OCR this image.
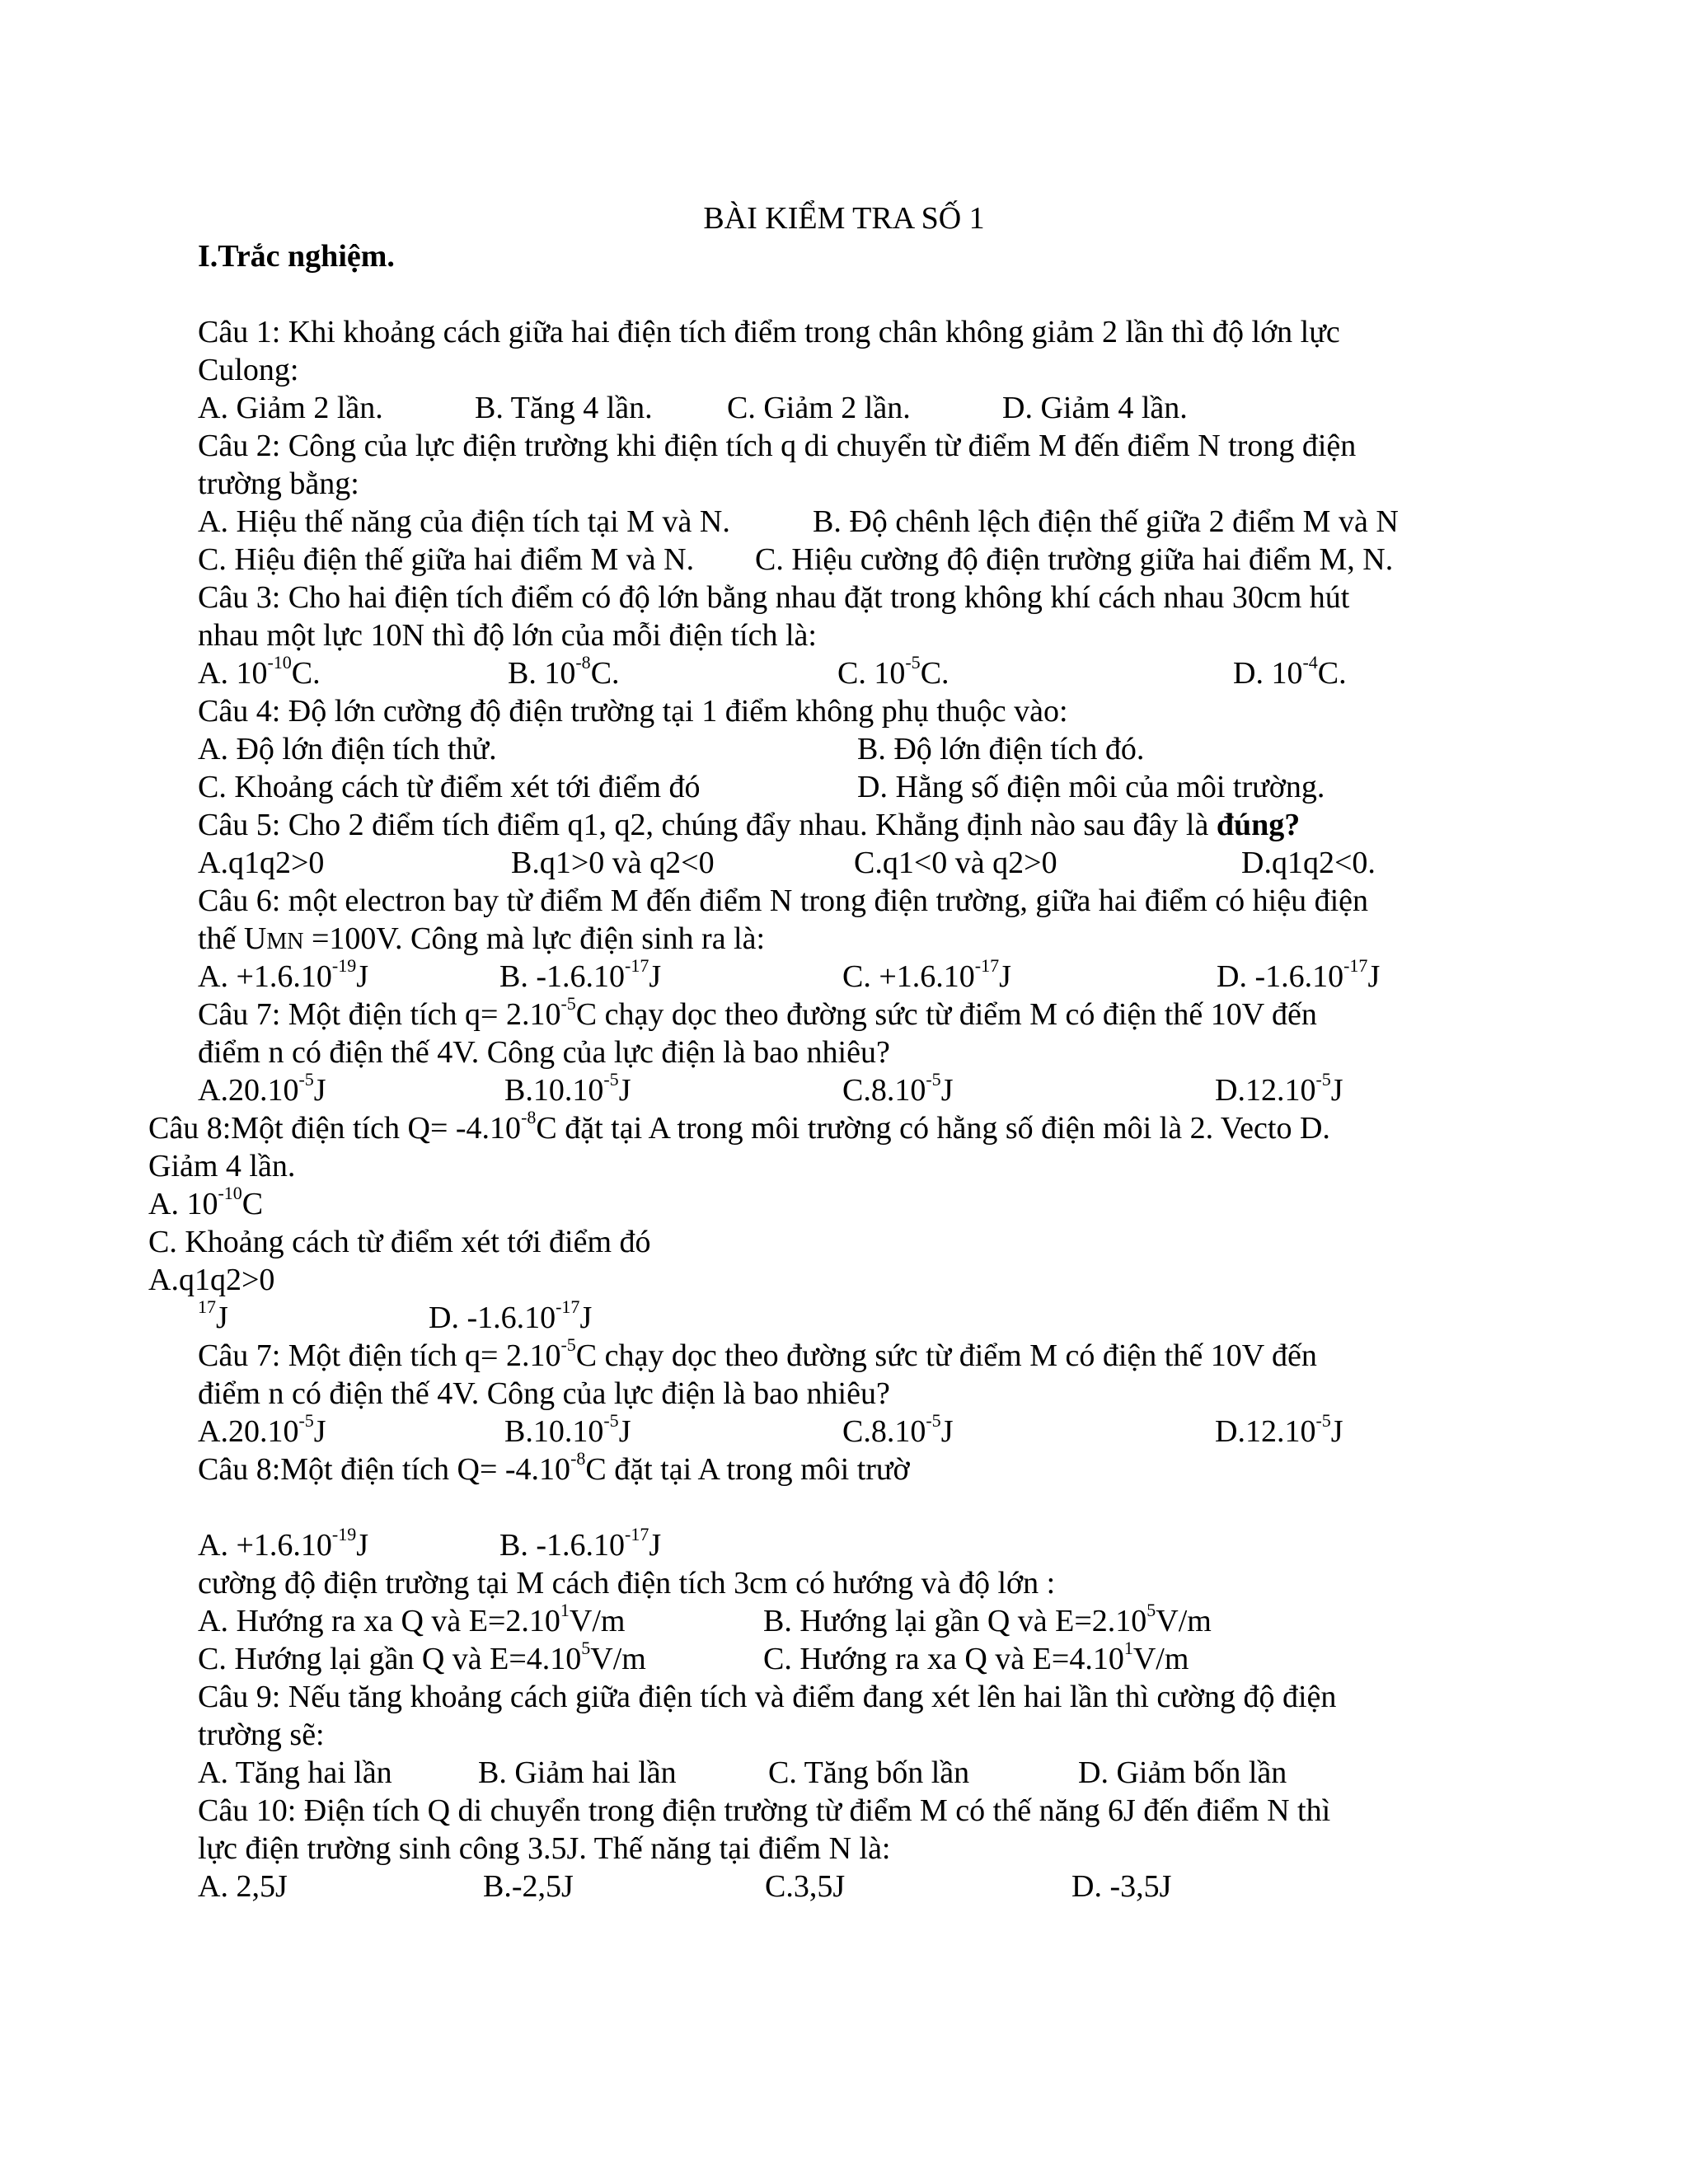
BÀI KIỂM TRA SỐ 1
I.Trắc nghiệm.
Câu 1: Khi khoảng cách giữa hai điện tích điểm trong chân không giảm 2 lần thì độ lớn lực
Culong:
A. Giảm 2 lần.	B. Tăng 4 lần. C. Giảm 2 lần.	D. Giảm 4 lần.
Câu 2: Công của lực điện trường khi điện tích q di chuyển từ điểm M đến điểm N trong điện
trường bằng:
A. Hiệu thế năng của điện tích tại M và N.	B. Độ chênh lệch điện thế giữa 2 điểm M và N
C. Hiệu điện thế giữa hai điểm M và N. C. Hiệu cường độ điện trường giữa hai điểm M, N.
Câu 3: Cho hai điện tích điểm có độ lớn bằng nhau đặt trong không khí cách nhau 30cm hút
nhau một lực 10N thì độ lớn của mỗi điện tích là:
A. $10^{-10}C$.	B. $10^{-8}C$.	C. $10^{-5}C$.	D. $10^{-4}C$.
Câu 4: Độ lớn cường độ điện trường tại 1 điểm không phụ thuộc vào:
A. Độ lớn điện tích thử.	B. Độ lớn điện tích đó.
C. Khoảng cách từ điểm xét tới điểm đó	D. Hằng số điện môi của môi trường.
Câu 5: Cho 2 điểm tích điểm q1, q2, chúng đẩy nhau. Khẳng định nào sau đây là đúng?
A.q1q2>0	B.q1>0 và q2<0	C.q1<0 và q2>0	D.q1q2<0.
Câu 6: một electron bay từ điểm M đến điểm N trong điện trường, giữa hai điểm có hiệu điện
thế UMN =100V. Công mà lực điện sinh ra là:
A. $+1.6.10^{-19}J$	B. $-1.6.10^{-17}J$	C. $+1.6.10^{-17}J$	D. $-1.6.10^{-17}J$
Câu 7: Một điện tích $q= 2.10^{-5}C$ chạy dọc theo đường sức từ điểm M có điện thế 10V đến
điểm n có điện thế 4V. Công của lực điện là bao nhiêu?
$A.20.10^{-5}J$	$B.10.10^{-5}J$	$C.8.10^{-5}J$	$D.12.10^{-5}J$
Câu 8:Một điện tích $Q= -4.10^{-8}C$ đặt tại A trong môi trường có hằng số điện môi là 2. Vecto D.
Giảm 4 lần.
A. $10^{-10}C$
C. Khoảng cách từ điểm xét tới điểm đó
A.q1q2>0
$^{17}$J	D. $-1.6.10^{-17}J$
Câu 7: Một điện tích $q= 2.10^{-5}C$ chạy dọc theo đường sức từ điểm M có điện thế 10V đến
điểm n có điện thế 4V. Công của lực điện là bao nhiêu?
$A.20.10^{-5}J$	$B.10.10^{-5}J$	$C.8.10^{-5}J$	$D.12.10^{-5}J$
Câu 8:Một điện tích $Q= -4.10^{-8}C$ đặt tại A trong môi trườ
A. $+1.6.10^{-19}J$	B. $-1.6.10^{-17}J$
cường độ điện trường tại M cách điện tích 3cm có hướng và độ lớn :
A. Hướng ra xa Q và $E=2.10^1V/m$	B. Hướng lại gần Q và $E=2.10^5V/m$
C. Hướng lại gần Q và $E=4.10^5V/m$	C. Hướng ra xa Q và $E=4.10^1V/m$
Câu 9: Nếu tăng khoảng cách giữa điện tích và điểm đang xét lên hai lần thì cường độ điện
trường sẽ:
A. Tăng hai lần	B. Giảm hai lần	C. Tăng bốn lần	D. Giảm bốn lần
Câu 10: Điện tích Q di chuyển trong điện trường từ điểm M có thế năng 6J đến điểm N thì
lực điện trường sinh công 3.5J. Thế năng tại điểm N là:
A. 2,5J	B.-2,5J	C.3,5J	D. -3,5J
